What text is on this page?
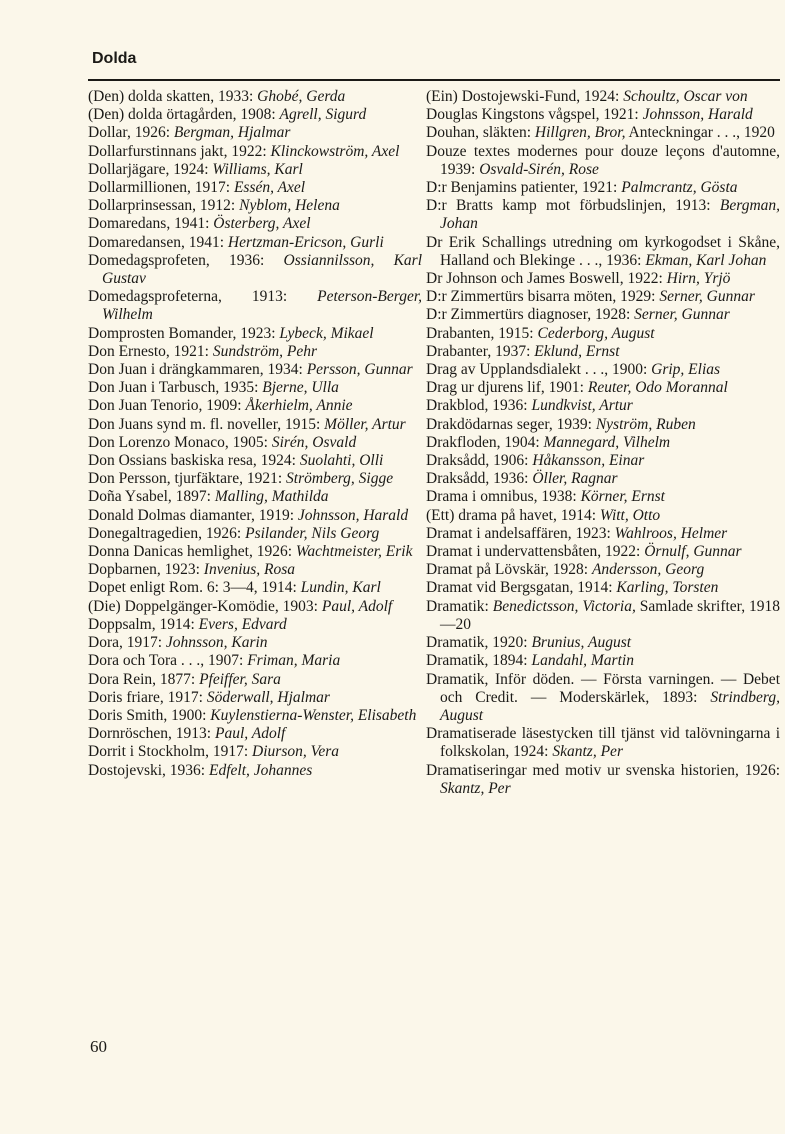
Dolda
(Den) dolda skatten, 1933: Ghobé, Gerda
(Den) dolda örtagården, 1908: Agrell, Sigurd
Dollar, 1926: Bergman, Hjalmar
Dollarfurstinnans jakt, 1922: Klinckowström, Axel
Dollarjägare, 1924: Williams, Karl
Dollarmillionen, 1917: Essén, Axel
Dollarprinsessan, 1912: Nyblom, Helena
Domaredans, 1941: Österberg, Axel
Domaredansen, 1941: Hertzman-Ericson, Gurli
Domedagsprofeten, 1936: Ossiannilsson, Karl Gustav
Domedagsprofeterna, 1913: Peterson-Berger, Wilhelm
Domprosten Bomander, 1923: Lybeck, Mikael
Don Ernesto, 1921: Sundström, Pehr
Don Juan i drängkammaren, 1934: Persson, Gunnar
Don Juan i Tarbusch, 1935: Bjerne, Ulla
Don Juan Tenorio, 1909: Åkerhielm, Annie
Don Juans synd m. fl. noveller, 1915: Möller, Artur
Don Lorenzo Monaco, 1905: Sirén, Osvald
Don Ossians baskiska resa, 1924: Suolahti, Olli
Don Persson, tjurfäktare, 1921: Strömberg, Sigge
Doña Ysabel, 1897: Malling, Mathilda
Donald Dolmas diamanter, 1919: Johnsson, Harald
Donegaltragedien, 1926: Psilander, Nils Georg
Donna Danicas hemlighet, 1926: Wachtmeister, Erik
Dopbarnen, 1923: Invenius, Rosa
Dopet enligt Rom. 6: 3—4, 1914: Lundin, Karl
(Die) Doppelgänger-Komödie, 1903: Paul, Adolf
Doppsalm, 1914: Evers, Edvard
Dora, 1917: Johnsson, Karin
Dora och Tora . . ., 1907: Friman, Maria
Dora Rein, 1877: Pfeiffer, Sara
Doris friare, 1917: Söderwall, Hjalmar
Doris Smith, 1900: Kuylenstierna-Wenster, Elisabeth
Dornröschen, 1913: Paul, Adolf
Dorrit i Stockholm, 1917: Diurson, Vera
Dostojevski, 1936: Edfelt, Johannes
(Ein) Dostojewski-Fund, 1924: Schoultz, Oscar von
Douglas Kingstons vågspel, 1921: Johnsson, Harald
Douhan, släkten: Hillgren, Bror, Anteckningar . . ., 1920
Douze textes modernes pour douze leçons d'automne, 1939: Osvald-Sirén, Rose
D:r Benjamins patienter, 1921: Palmcrantz, Gösta
D:r Bratts kamp mot förbudslinjen, 1913: Bergman, Johan
Dr Erik Schallings utredning om kyrkogodset i Skåne, Halland och Blekinge . . ., 1936: Ekman, Karl Johan
Dr Johnson och James Boswell, 1922: Hirn, Yrjö
D:r Zimmertürs bisarra möten, 1929: Serner, Gunnar
D:r Zimmertürs diagnoser, 1928: Serner, Gunnar
Drabanten, 1915: Cederborg, August
Drabanter, 1937: Eklund, Ernst
Drag av Upplandsdialekt . . ., 1900: Grip, Elias
Drag ur djurens lif, 1901: Reuter, Odo Morannal
Drakblod, 1936: Lundkvist, Artur
Drakdödarnas seger, 1939: Nyström, Ruben
Drakfloden, 1904: Mannegard, Vilhelm
Draksådd, 1906: Håkansson, Einar
Draksådd, 1936: Öller, Ragnar
Drama i omnibus, 1938: Körner, Ernst
(Ett) drama på havet, 1914: Witt, Otto
Dramat i andelsaffären, 1923: Wahlroos, Helmer
Dramat i undervattensbåten, 1922: Örnulf, Gunnar
Dramat på Lövskär, 1928: Andersson, Georg
Dramat vid Bergsgatan, 1914: Karling, Torsten
Dramatik: Benedictsson, Victoria, Samlade skrifter, 1918—20
Dramatik, 1920: Brunius, August
Dramatik, 1894: Landahl, Martin
Dramatik, Inför döden. — Första varningen. — Debet och Credit. — Moderskärlek, 1893: Strindberg, August
Dramatiserade läsestycken till tjänst vid talövningarna i folkskolan, 1924: Skantz, Per
Dramatiseringar med motiv ur svenska historien, 1926: Skantz, Per
60
